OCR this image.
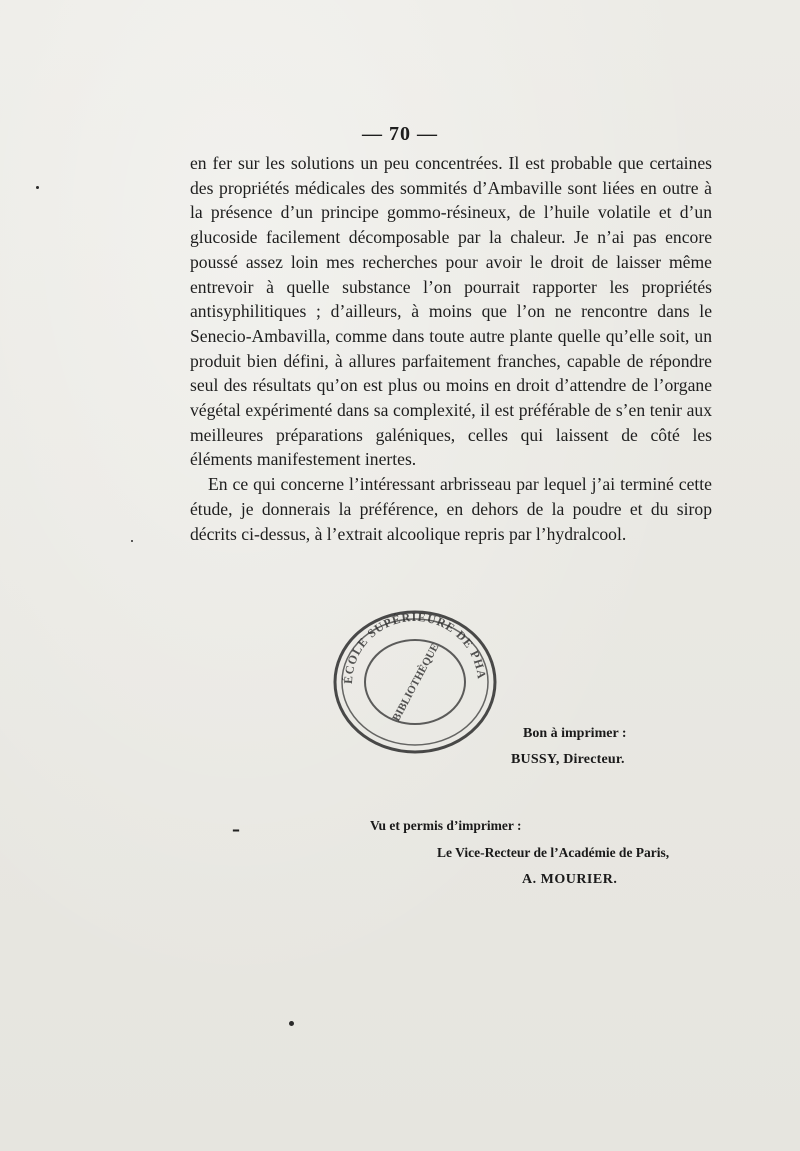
— 70 —

en fer sur les solutions un peu concentrées. Il est probable que certaines des propriétés médicales des sommités d’Ambaville sont liées en outre à la présence d’un principe gommo-résineux, de l’huile volatile et d’un glucoside facilement décomposable par la chaleur. Je n’ai pas encore poussé assez loin mes recherches pour avoir le droit de laisser même entrevoir à quelle substance l’on pourrait rapporter les propriétés antisyphilitiques ; d’ailleurs, à moins que l’on ne rencontre dans le Senecio-Ambavilla, comme dans toute autre plante quelle qu’elle soit, un produit bien défini, à allures parfaitement franches, capable de répondre seul des résultats qu’on est plus ou moins en droit d’attendre de l’organe végétal expérimenté dans sa complexité, il est préférable de s’en tenir aux meilleures préparations galéniques, celles qui laissent de côté les éléments manifestement inertes.

En ce qui concerne l’intéressant arbrisseau par lequel j’ai terminé cette étude, je donnerais la préférence, en dehors de la poudre et du sirop décrits ci-dessus, à l’extrait alcoolique repris par l’hydralcool.

ÉCOLE SUPÉRIEURE DE PHA
BIBLIOTHÈQUE
Bon à imprimer :
BUSSY, Directeur.
Vu et permis d’imprimer :
Le Vice-Recteur de l’Académie de Paris,
A. MOURIER.
–
